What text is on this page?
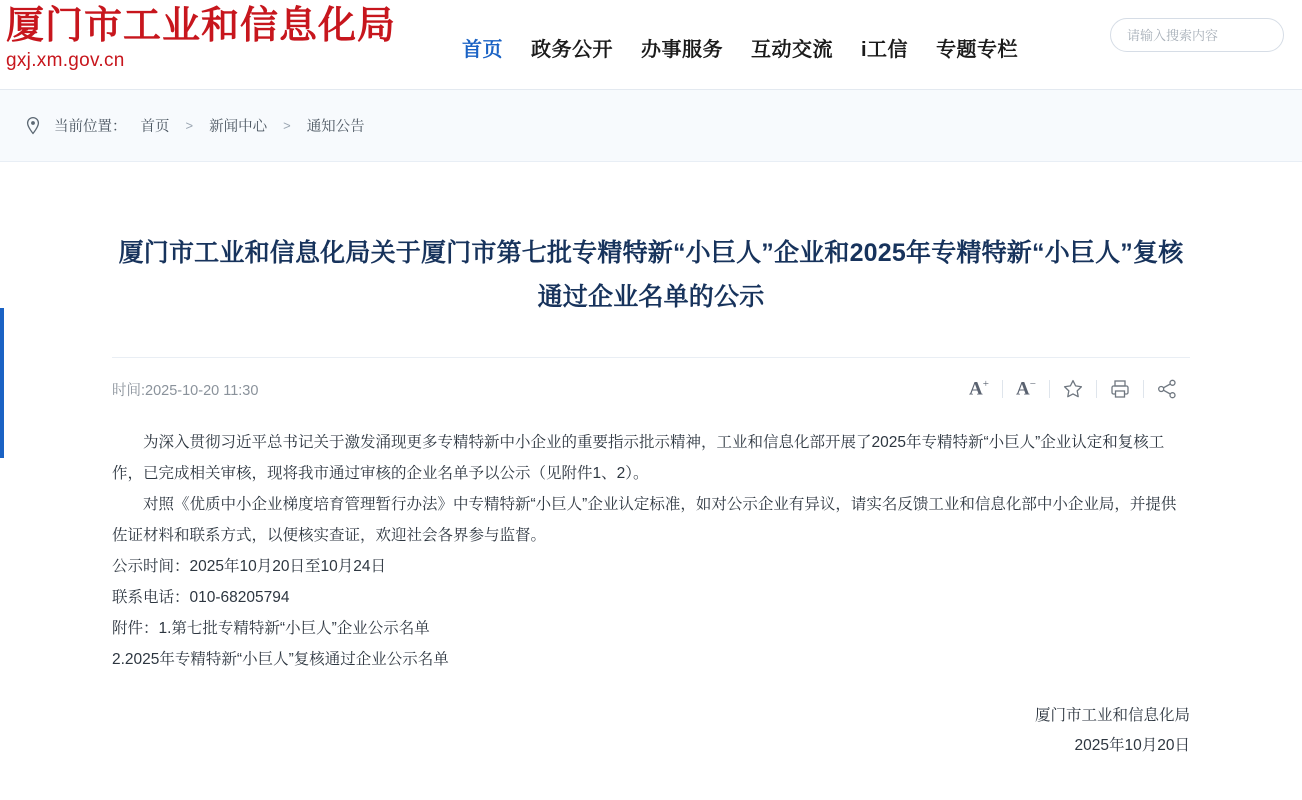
厦门市工业和信息化局
gxj.xm.gov.cn	首页 政务公开 办事服务 互动交流 i工信 专题专栏
请输入搜索内容
当前位置： 首页 > 新闻中心 > 通知公告
厦门市工业和信息化局关于厦门市第七批专精特新“小巨人”企业和2025年专精特新“小巨人”复核 通过企业名单的公示
时间:2025-10-20 11:30	A+ A−

为深入贯彻习近平总书记关于激发涌现更多专精特新中小企业的重要指示批示精神，工业和信息化部开展了2025年专精特新“小巨人”企业认定和复核工作，已完成相关审核，现将我市通过审核的企业名单予以公示（见附件1、2）。

对照《优质中小企业梯度培育管理暂行办法》中专精特新“小巨人”企业认定标准，如对公示企业有异议，请实名反馈工业和信息化部中小企业局，并提供佐证材料和联系方式，以便核实查证，欢迎社会各界参与监督。

公示时间：2025年10月20日至10月24日

联系电话：010-68205794

附件：1.第七批专精特新“小巨人”企业公示名单

2.2025年专精特新“小巨人”复核通过企业公示名单

厦门市工业和信息化局
2025年10月20日
